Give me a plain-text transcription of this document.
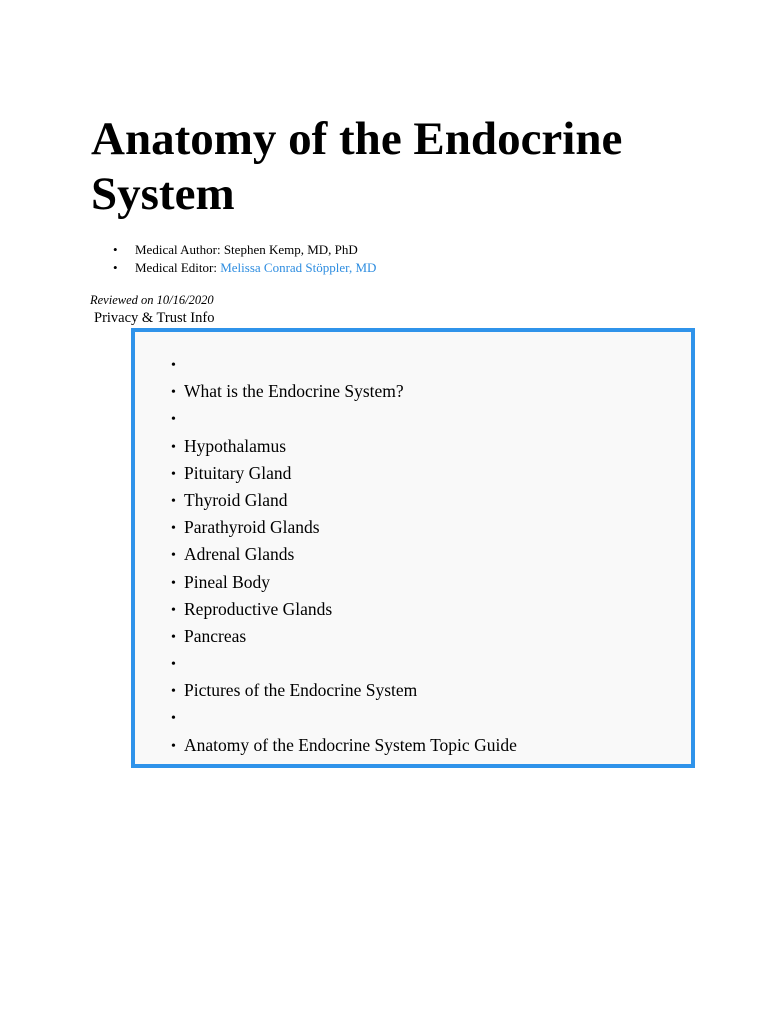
Anatomy of the Endocrine System
• Medical Author: Stephen Kemp, MD, PhD
• Medical Editor: Melissa Conrad Stöppler, MD
Reviewed on 10/16/2020
Privacy & Trust Info
•
• What is the Endocrine System?
•
• Hypothalamus
• Pituitary Gland
• Thyroid Gland
• Parathyroid Glands
• Adrenal Glands
• Pineal Body
• Reproductive Glands
• Pancreas
•
• Pictures of the Endocrine System
•
• Anatomy of the Endocrine System Topic Guide
